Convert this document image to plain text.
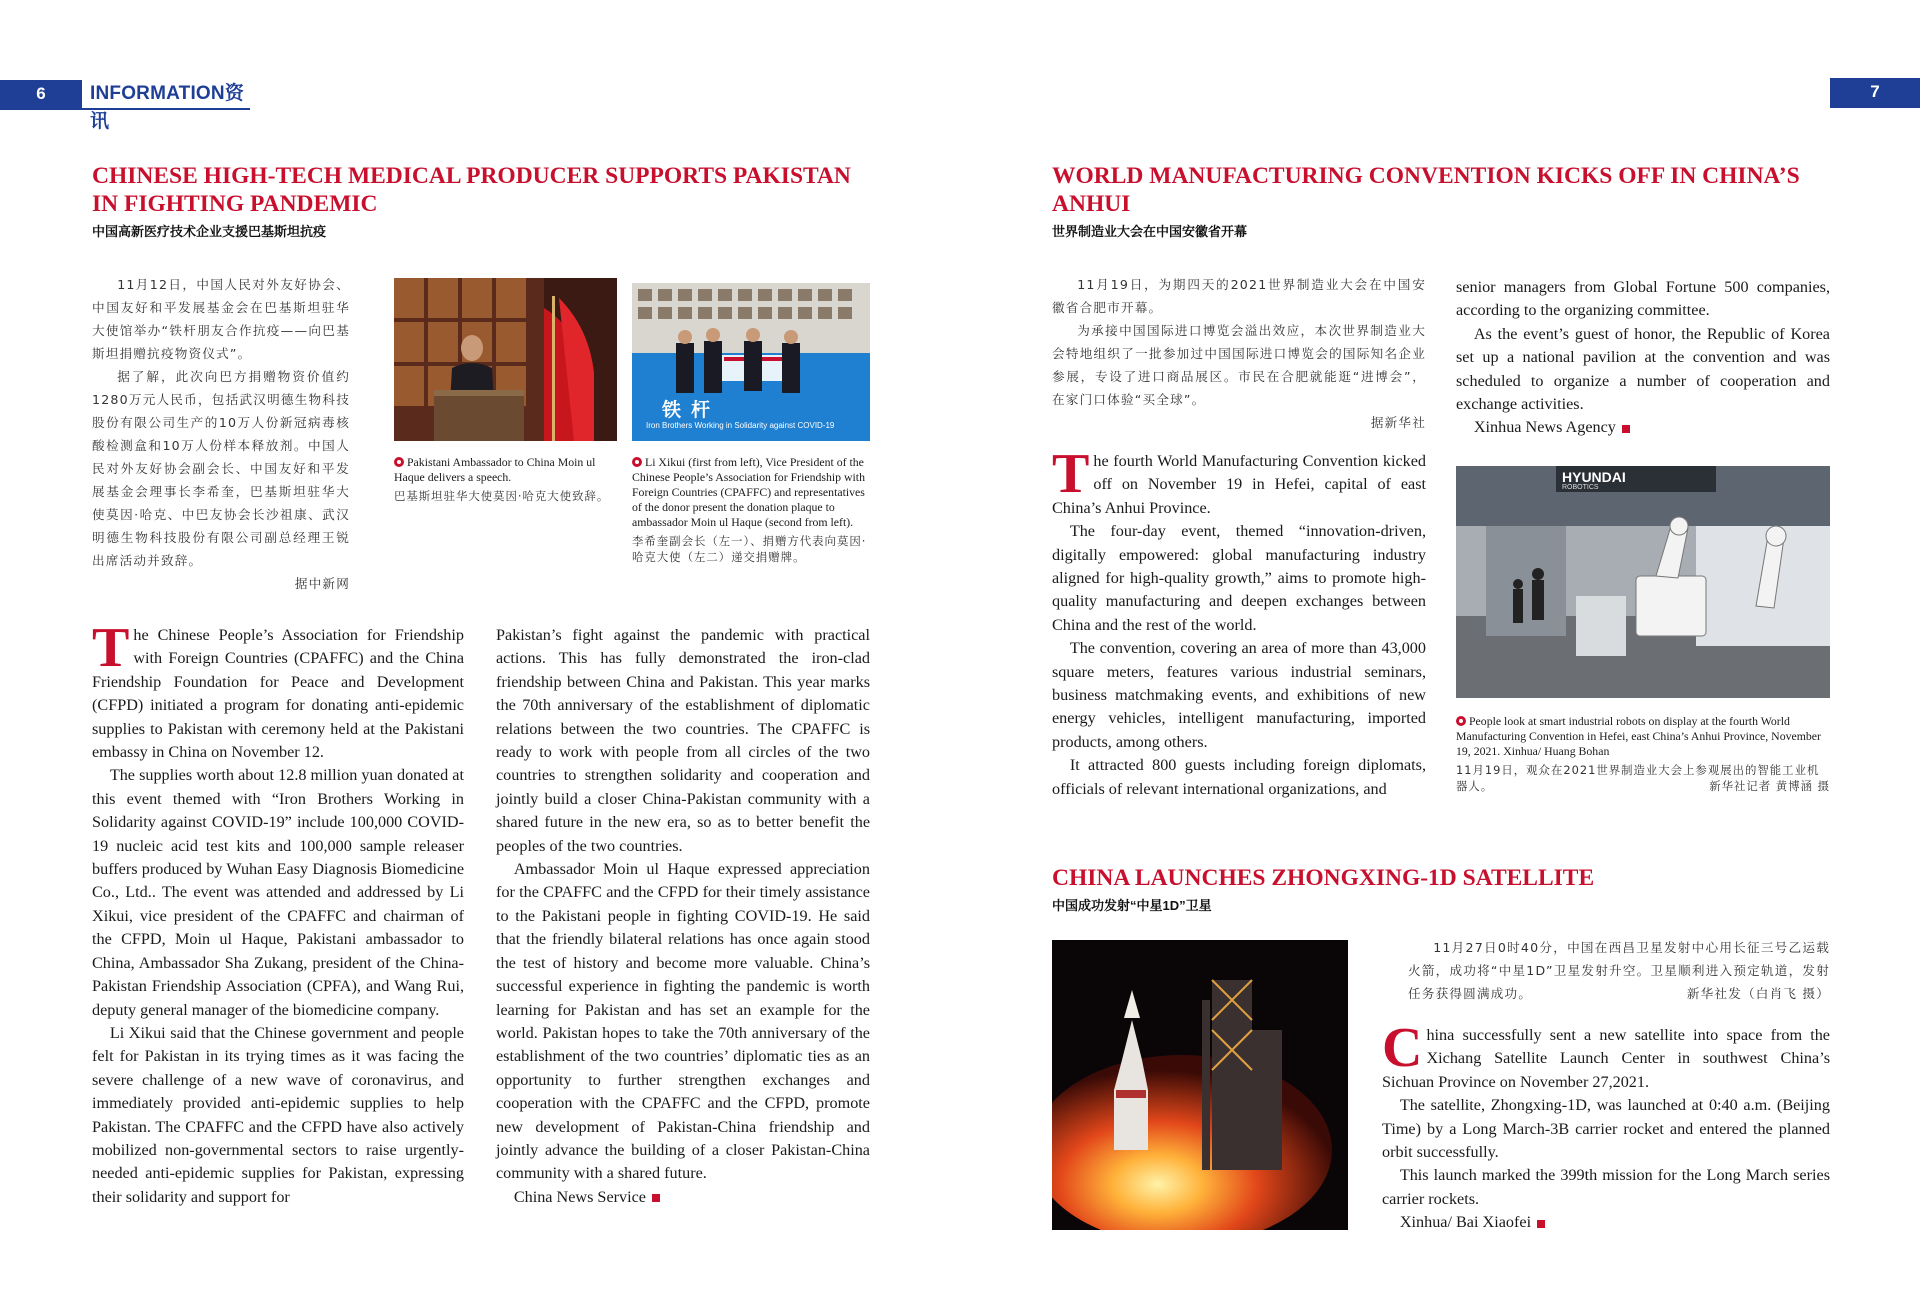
6	INFORMATION资讯
7
CHINESE HIGH-TECH MEDICAL PRODUCER SUPPORTS PAKISTAN IN FIGHTING PANDEMIC
中国高新医疗技术企业支援巴基斯坦抗疫

11月12日，中国人民对外友好协会、中国友好和平发展基金会在巴基斯坦驻华大使馆举办“铁杆朋友合作抗疫——向巴基斯坦捐赠抗疫物资仪式”。

据了解，此次向巴方捐赠物资价值约1280万元人民币，包括武汉明德生物科技股份有限公司生产的10万人份新冠病毒核酸检测盒和10万人份样本释放剂。中国人民对外友好协会副会长、中国友好和平发展基金会理事长李希奎，巴基斯坦驻华大使莫因·哈克、中巴友协会长沙祖康、武汉明德生物科技股份有限公司副总经理王锐出席活动并致辞。

据中新网

Pakistani Ambassador to China Moin ul Haque delivers a speech.
巴基斯坦驻华大使莫因·哈克大使致辞。
铁杆
Iron Brothers Working in Solidarity against COVID-19
Li Xikui (first from left), Vice President of the Chinese People’s Association for Friendship with Foreign Countries (CPAFFC) and representatives of the donor present the donation plaque to ambassador Moin ul Haque (second from left).
李希奎副会长（左一）、捐赠方代表向莫因·哈克大使（左二）递交捐赠牌。

The Chinese People’s Association for Friendship with Foreign Countries (CPAFFC) and the China Friendship Foundation for Peace and Development (CFPD) initiated a program for donating anti-epidemic supplies to Pakistan with ceremony held at the Pakistani embassy in China on November 12.

The supplies worth about 12.8 million yuan donated at this event themed with “Iron Brothers Working in Solidarity against COVID-19” include 100,000 COVID-19 nucleic acid test kits and 100,000 sample releaser buffers produced by Wuhan Easy Diagnosis Biomedicine Co., Ltd.. The event was attended and addressed by Li Xikui, vice president of the CPAFFC and chairman of the CFPD, Moin ul Haque, Pakistani ambassador to China, Ambassador Sha Zukang, president of the China-Pakistan Friendship Association (CPFA), and Wang Rui, deputy general manager of the biomedicine company.

Li Xikui said that the Chinese government and people felt for Pakistan in its trying times as it was facing the severe challenge of a new wave of coronavirus, and immediately provided anti-epidemic supplies to help Pakistan. The CPAFFC and the CFPD have also actively mobilized non-governmental sectors to raise urgently-needed anti-epidemic supplies for Pakistan, expressing their solidarity and support for

Pakistan’s fight against the pandemic with practical actions. This has fully demonstrated the iron-clad friendship between China and Pakistan. This year marks the 70th anniversary of the establishment of diplomatic relations between the two countries. The CPAFFC is ready to work with people from all circles of the two countries to strengthen solidarity and cooperation and jointly build a closer China-Pakistan community with a shared future in the new era, so as to better benefit the peoples of the two countries.

Ambassador Moin ul Haque expressed appreciation for the CPAFFC and the CFPD for their timely assistance to the Pakistani people in fighting COVID-19. He said that the friendly bilateral relations has once again stood the test of history and become more valuable. China’s successful experience in fighting the pandemic is worth learning for Pakistan and has set an example for the world. Pakistan hopes to take the 70th anniversary of the establishment of the two countries’ diplomatic ties as an opportunity to further strengthen exchanges and cooperation with the CPAFFC and the CFPD, promote new development of Pakistan-China friendship and jointly advance the building of a closer Pakistan-China community with a shared future.

China News Service

WORLD MANUFACTURING CONVENTION KICKS OFF IN CHINA’S ANHUI
世界制造业大会在中国安徽省开幕

11月19日，为期四天的2021世界制造业大会在中国安徽省合肥市开幕。

为承接中国国际进口博览会溢出效应，本次世界制造业大会特地组织了一批参加过中国国际进口博览会的国际知名企业参展，专设了进口商品展区。市民在合肥就能逛“进博会”，在家门口体验“买全球”。

据新华社

The fourth World Manufacturing Convention kicked off on November 19 in Hefei, capital of east China’s Anhui Province.

The four-day event, themed “innovation-driven, digitally empowered: global manufacturing industry aligned for high-quality growth,” aims to promote high-quality manufacturing and deepen exchanges between China and the rest of the world.

The convention, covering an area of more than 43,000 square meters, features various industrial seminars, business matchmaking events, and exhibitions of new energy vehicles, intelligent manufacturing, imported products, among others.

It attracted 800 guests including foreign diplomats, officials of relevant international organizations, and

senior managers from Global Fortune 500 companies, according to the organizing committee.

As the event’s guest of honor, the Republic of Korea set up a national pavilion at the convention and was scheduled to organize a number of cooperation and exchange activities.

Xinhua News Agency

HYUNDAI
ROBOTICS
People look at smart industrial robots on display at the fourth World Manufacturing Convention in Hefei, east China’s Anhui Province, November 19, 2021. Xinhua/ Huang Bohan
11月19日，观众在2021世界制造业大会上参观展出的智能工业机器人。	新华社记者 黄博涵 摄
CHINA LAUNCHES ZHONGXING-1D SATELLITE
中国成功发射“中星1D”卫星

11月27日0时40分，中国在西昌卫星发射中心用长征三号乙运载火箭，成功将“中星1D”卫星发射升空。卫星顺利进入预定轨道，发射任务获得圆满成功。	新华社发（白肖飞 摄）

China successfully sent a new satellite into space from the Xichang Satellite Launch Center in southwest China’s Sichuan Province on November 27,2021.

The satellite, Zhongxing-1D, was launched at 0:40 a.m. (Beijing Time) by a Long March-3B carrier rocket and entered the planned orbit successfully.

This launch marked the 399th mission for the Long March series carrier rockets.

Xinhua/ Bai Xiaofei
